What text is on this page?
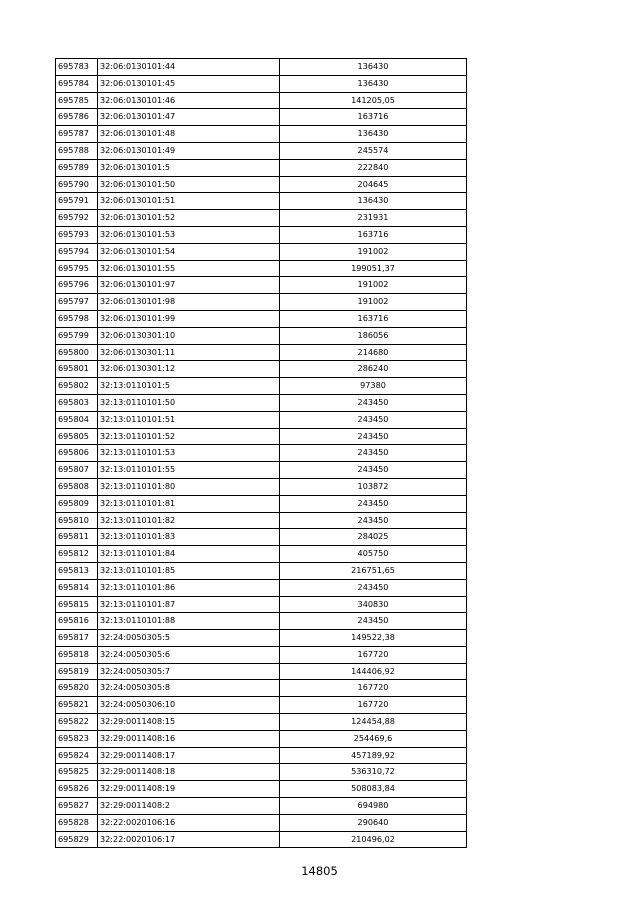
695783	32:06:0130101:44	136430
695784	32:06:0130101:45	136430
695785	32:06:0130101:46	141205,05
695786	32:06:0130101:47	163716
695787	32:06:0130101:48	136430
695788	32:06:0130101:49	245574
695789	32:06:0130101:5	222840
695790	32:06:0130101:50	204645
695791	32:06:0130101:51	136430
695792	32:06:0130101:52	231931
695793	32:06:0130101:53	163716
695794	32:06:0130101:54	191002
695795	32:06:0130101:55	199051,37
695796	32:06:0130101:97	191002
695797	32:06:0130101:98	191002
695798	32:06:0130101:99	163716
695799	32:06:0130301:10	186056
695800	32:06:0130301:11	214680
695801	32:06:0130301:12	286240
695802	32:13:0110101:5	97380
695803	32:13:0110101:50	243450
695804	32:13:0110101:51	243450
695805	32:13:0110101:52	243450
695806	32:13:0110101:53	243450
695807	32:13:0110101:55	243450
695808	32:13:0110101:80	103872
695809	32:13:0110101:81	243450
695810	32:13:0110101:82	243450
695811	32:13:0110101:83	284025
695812	32:13:0110101:84	405750
695813	32:13:0110101:85	216751,65
695814	32:13:0110101:86	243450
695815	32:13:0110101:87	340830
695816	32:13:0110101:88	243450
695817	32:24:0050305:5	149522,38
695818	32:24:0050305:6	167720
695819	32:24:0050305:7	144406,92
695820	32:24:0050305:8	167720
695821	32:24:0050306:10	167720
695822	32:29:0011408:15	124454,88
695823	32:29:0011408:16	254469,6
695824	32:29:0011408:17	457189,92
695825	32:29:0011408:18	536310,72
695826	32:29:0011408:19	508083,84
695827	32:29:0011408:2	694980
695828	32:22:0020106:16	290640
695829	32:22:0020106:17	210496,02
14805
